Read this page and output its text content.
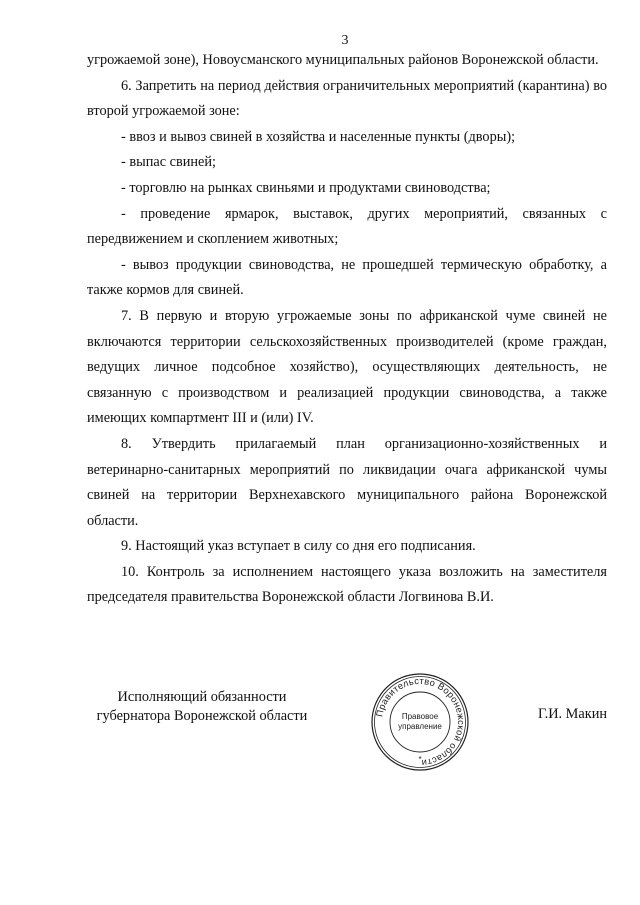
3

угрожаемой зоне), Новоусманского муниципальных районов Воронежской области.

6. Запретить на период действия ограничительных мероприятий (карантина) во второй угрожаемой зоне:

- ввоз и вывоз свиней в хозяйства и населенные пункты (дворы);

- выпас свиней;

- торговлю на рынках свиньями и продуктами свиноводства;

- проведение ярмарок, выставок, других мероприятий, связанных с передвижением и скоплением животных;

- вывоз продукции свиноводства, не прошедшей термическую обработку, а также кормов для свиней.

7. В первую и вторую угрожаемые зоны по африканской чуме свиней не включаются территории сельскохозяйственных производителей (кроме граждан, ведущих личное подсобное хозяйство), осуществляющих деятельность, не связанную с производством и реализацией продукции свиноводства, а также имеющих компартмент III и (или) IV.

8. Утвердить прилагаемый план организационно-хозяйственных и ветеринарно-санитарных мероприятий по ликвидации очага африканской чумы свиней на территории Верхнехавского муниципального района Воронежской области.

9. Настоящий указ вступает в силу со дня его подписания.

10. Контроль за исполнением настоящего указа возложить на заместителя председателя правительства Воронежской области Логвинова В.И.

Исполняющий обязанности
губернатора Воронежской области	Правительство Воронежской области
Правовое
управление
*
Г.И. Макин
